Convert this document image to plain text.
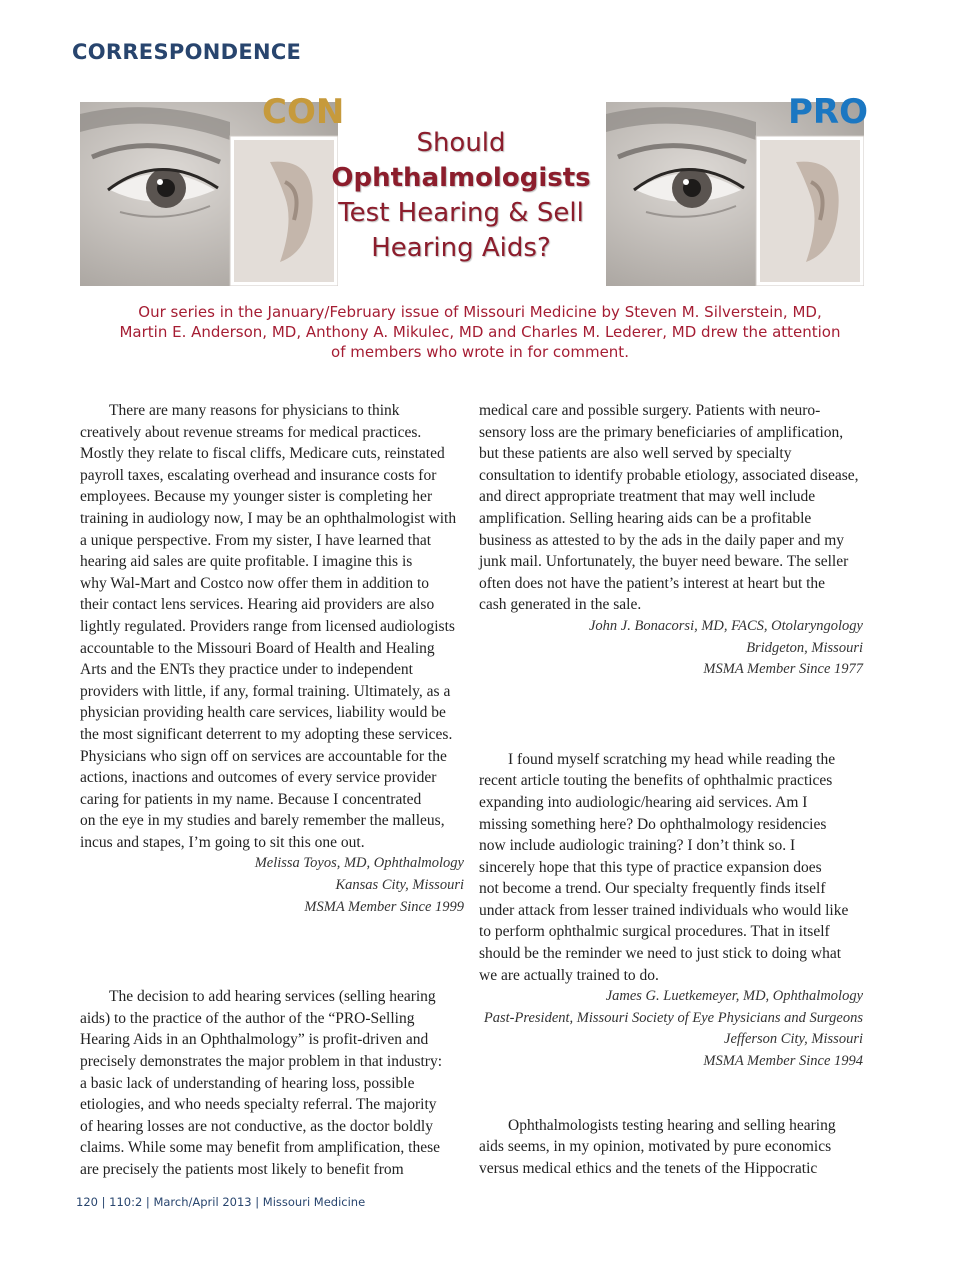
CORRESPONDENCE
CON
Should
Ophthalmologists
Test Hearing & Sell
Hearing Aids?
PRO
Our series in the January/February issue of Missouri Medicine by Steven M. Silverstein, MD,
Martin E. Anderson, MD, Anthony A. Mikulec, MD and Charles M. Lederer, MD drew the attention
of members who wrote in for comment.

There are many reasons for physicians to think

creatively about revenue streams for medical practices.

Mostly they relate to fiscal cliffs, Medicare cuts, reinstated

payroll taxes, escalating overhead and insurance costs for

employees. Because my younger sister is completing her

training in audiology now, I may be an ophthalmologist with

a unique perspective. From my sister, I have learned that

hearing aid sales are quite profitable. I imagine this is

why Wal-Mart and Costco now offer them in addition to

their contact lens services. Hearing aid providers are also

lightly regulated. Providers range from licensed audiologists

accountable to the Missouri Board of Health and Healing

Arts and the ENTs they practice under to independent

providers with little, if any, formal training. Ultimately, as a

physician providing health care services, liability would be

the most significant deterrent to my adopting these services.

Physicians who sign off on services are accountable for the

actions, inactions and outcomes of every service provider

caring for patients in my name. Because I concentrated

on the eye in my studies and barely remember the malleus,

incus and stapes, I’m going to sit this one out.

Melissa Toyos, MD, Ophthalmology
Kansas City, Missouri
MSMA Member Since 1999

The decision to add hearing services (selling hearing

aids) to the practice of the author of the “PRO-Selling

Hearing Aids in an Ophthalmology” is profit-driven and

precisely demonstrates the major problem in that industry:

a basic lack of understanding of hearing loss, possible

etiologies, and who needs specialty referral. The majority

of hearing losses are not conductive, as the doctor boldly

claims. While some may benefit from amplification, these

are precisely the patients most likely to benefit from

medical care and possible surgery. Patients with neuro-

sensory loss are the primary beneficiaries of amplification,

but these patients are also well served by specialty

consultation to identify probable etiology, associated disease,

and direct appropriate treatment that may well include

amplification. Selling hearing aids can be a profitable

business as attested to by the ads in the daily paper and my

junk mail. Unfortunately, the buyer need beware. The seller

often does not have the patient’s interest at heart but the

cash generated in the sale.

John J. Bonacorsi, MD, FACS, Otolaryngology
Bridgeton, Missouri
MSMA Member Since 1977

I found myself scratching my head while reading the

recent article touting the benefits of ophthalmic practices

expanding into audiologic/hearing aid services. Am I

missing something here? Do ophthalmology residencies

now include audiologic training? I don’t think so. I

sincerely hope that this type of practice expansion does

not become a trend. Our specialty frequently finds itself

under attack from lesser trained individuals who would like

to perform ophthalmic surgical procedures. That in itself

should be the reminder we need to just stick to doing what

we are actually trained to do.

James G. Luetkemeyer, MD, Ophthalmology
Past-President, Missouri Society of Eye Physicians and Surgeons
Jefferson City, Missouri
MSMA Member Since 1994

Ophthalmologists testing hearing and selling hearing

aids seems, in my opinion, motivated by pure economics

versus medical ethics and the tenets of the Hippocratic

120 | 110:2 | March/April 2013 | Missouri Medicine
